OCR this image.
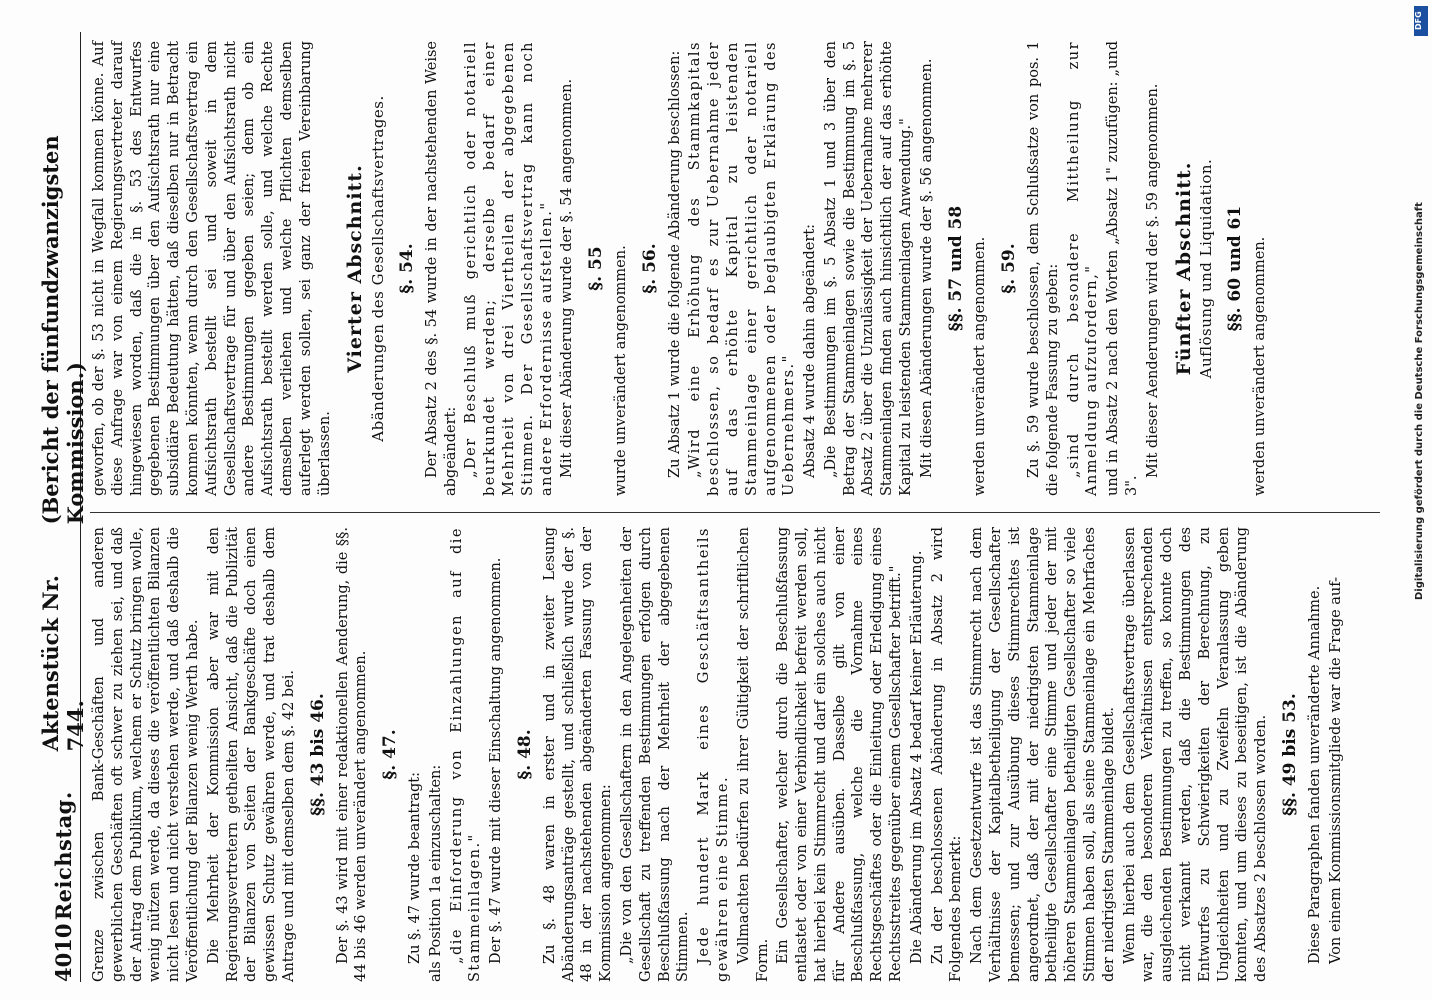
4010
Reichstag.
Aktenstück Nr. 744.
(Bericht der fünfundzwanzigsten Kommission.)

Grenze zwischen Bank-Geschäften und anderen gewerblichen Geschäften oft schwer zu ziehen sei, und daß der Antrag dem Publikum, welchem er Schutz bringen wolle, wenig nützen werde, da dieses die veröffentlichten Bilanzen nicht lesen und nicht verstehen werde, und daß deshalb die Veröffentlichung der Bilanzen wenig Werth habe. Die Mehrheit der Kommission aber war mit den Regierungsvertretern getheilten Ansicht, daß die Publizität der Bilanzen von Seiten der Bankgeschäfte doch einen gewissen Schutz gewähren werde, und trat deshalb dem Antrage und mit demselben dem §. 42 bei. §§. 43 bis 46. Der §. 43 wird mit einer redaktionellen Aenderung, die §§. 44 bis 46 werden unverändert angenommen. §. 47.

Zu §. 47 wurde beantragt: als Position 1a einzuschalten: „die Einforderung von Einzahlungen auf die Stammeinlagen." Der §. 47 wurde mit dieser Einschaltung angenommen. §. 48. Zu §. 48 waren in erster und in zweiter Lesung Abänderungsanträge gestellt, und schließlich wurde der §. 48 in der nachstehenden abgeänderten Fassung von der Kommission angenommen: „Die von den Gesellschaftern in den Angelegenheiten der Gesellschaft zu treffenden Bestimmungen erfolgen durch Beschlußfassung nach der Mehrheit der abgegebenen Stimmen. Jede hundert Mark eines Geschäftsantheils gewähren eine Stimme. Vollmachten bedürfen zu ihrer Gültigkeit der schriftlichen Form. Ein Gesellschafter, welcher durch die Beschlußfassung entlastet oder von einer Verbindlichkeit befreit werden soll, hat hierbei kein Stimmrecht und darf ein solches auch nicht für Andere ausüben. Dasselbe gilt von einer Beschlußfassung, welche die Vornahme eines Rechtsgeschäftes oder die Einleitung oder Erledigung eines Rechtsstreites gegenüber einem Gesellschafter betrifft." Die Abänderung im Absatz 4 bedarf keiner Erläuterung. Zu der beschlossenen Abänderung in Absatz 2 wird Folgendes bemerkt: Nach dem Gesetzentwurfe ist das Stimmrecht nach dem Verhältnisse der Kapitalbetheiligung der Gesellschafter bemessen; und zur Ausübung dieses Stimmrechtes ist angeordnet, daß der mit der niedrigsten Stammeinlage betheiligte Gesellschafter eine Stimme und jeder der mit höheren Stammeinlagen betheiligten Gesellschafter so viele Stimmen haben soll, als seine Stammeinlage ein Mehrfaches der niedrigsten Stammeinlage bildet. Wenn hierbei auch dem Gesellschaftsvertrage überlassen war, die den besonderen Verhältnissen entsprechenden ausgleichenden Bestimmungen zu treffen, so konnte doch nicht verkannt werden, daß die Bestimmungen des Entwurfes zu Schwierigkeiten der Berechnung, zu Ungleichheiten und zu Zweifeln Veranlassung geben konnten, und um dieses zu beseitigen, ist die Abänderung des Absatzes 2 beschlossen worden. §§. 49 bis 53. Diese Paragraphen fanden unveränderte Annahme. Von einem Kommissionsmitgliede war die Frage auf-

geworfen, ob der §. 53 nicht in Wegfall kommen könne. Auf diese Anfrage war von einem Regierungsvertreter darauf hingewiesen worden, daß die in §. 53 des Entwurfes gegebenen Bestimmungen über den Aufsichtsrath nur eine subsidiäre Bedeutung hätten, daß dieselben nur in Betracht kommen könnten, wenn durch den Gesellschaftsvertrag ein Aufsichtsrath bestellt sei und soweit in dem Gesellschaftsvertrage für und über den Aufsichtsrath nicht andere Bestimmungen gegeben seien; denn ob ein Aufsichtsrath bestellt werden solle, und welche Rechte demselben verliehen und welche Pflichten demselben auferlegt werden sollen, sei ganz der freien Vereinbarung überlassen.

Vierter Abschnitt. Abänderungen des Gesellschaftsvertrages. §. 54. Der Absatz 2 des §. 54 wurde in der nachstehenden Weise abgeändert: „Der Beschluß muß gerichtlich oder notariell beurkundet werden; derselbe bedarf einer Mehrheit von drei Viertheilen der abgegebenen Stimmen. Der Gesellschaftsvertrag kann noch andere Erfordernisse aufstellen." Mit dieser Abänderung wurde der §. 54 angenommen. §. 55 wurde unverändert angenommen. §. 56. Zu Absatz 1 wurde die folgende Abänderung beschlossen: „Wird eine Erhöhung des Stammkapitals beschlossen, so bedarf es zur Uebernahme jeder auf das erhöhte Kapital zu leistenden Stammeinlage einer gerichtlich oder notariell aufgenommenen oder beglaubigten Erklärung des Uebernehmers." Absatz 4 wurde dahin abgeändert: „Die Bestimmungen im §. 5 Absatz 1 und 3 über den Betrag der Stammeinlagen sowie die Bestimmung im §. 5 Absatz 2 über die Unzulässigkeit der Uebernahme mehrerer Stammeinlagen finden auch hinsichtlich der auf das erhöhte Kapital zu leistenden Stammeinlagen Anwendung." Mit diesen Abänderungen wurde der §. 56 angenommen. §§. 57 und 58 werden unverändert angenommen. §. 59. Zu §. 59 wurde beschlossen, dem Schlußsatze von pos. 1 die folgende Fassung zu geben: „sind durch besondere Mittheilung zur Anmeldung aufzufordern," und in Absatz 2 nach den Worten „Absatz 1" zuzufügen: „und 3".

Mit dieser Aenderungen wird der §. 59 angenommen. Fünfter Abschnitt. Auflösung und Liquidation. §§. 60 und 61 werden unverändert angenommen.

DFG
Digitalisierung gefördert durch die Deutsche Forschungsgemeinschaft
